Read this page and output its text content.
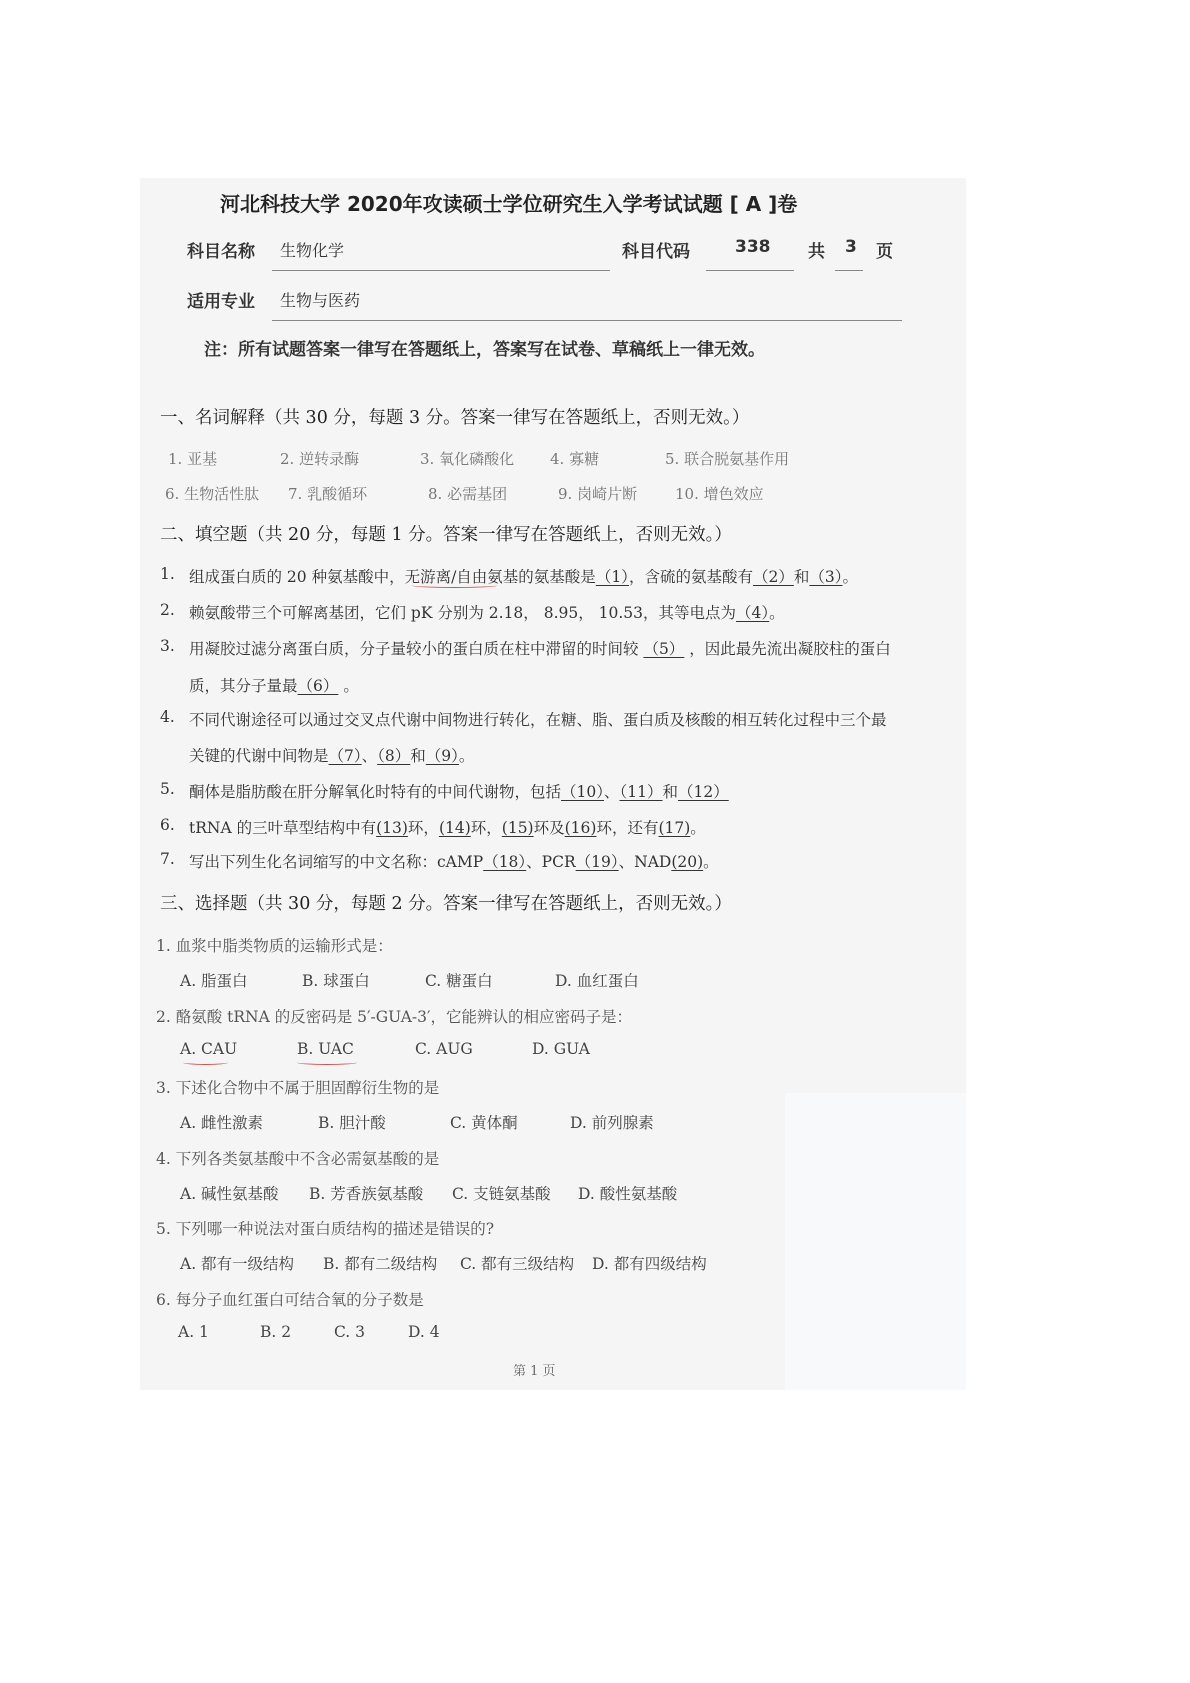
河北科技大学 2020年攻读硕士学位研究生入学考试试题 [ A ]卷
科目名称 生物化学	科目代码	338 共 3 页
适用专业 生物与医药
注：所有试题答案一律写在答题纸上，答案写在试卷、草稿纸上一律无效。
一、名词解释（共 30 分，每题 3 分。答案一律写在答题纸上，否则无效。）
二、填空题（共 20 分，每题 1 分。答案一律写在答题纸上，否则无效。）
三、选择题（共 30 分，每题 2 分。答案一律写在答题纸上，否则无效。）
第 1 页
1. 亚基	2. 逆转录酶	3. 氧化磷酸化 4. 寡糖	5. 联合脱氨基作用
6. 生物活性肽 7. 乳酸循环	8. 必需基团	9. 岗崎片断	10. 增色效应
1. 组成蛋白质的 20 种氨基酸中，无游离/自由氨基的氨基酸是（1），含硫的氨基酸有（2）和（3）。
2. 赖氨酸带三个可解离基团，它们 pK 分别为 2.18， 8.95， 10.53，其等电点为（4）。
3. 用凝胶过滤分离蛋白质，分子量较小的蛋白质在柱中滞留的时间较 （5） ，因此最先流出凝胶柱的蛋白
质，其分子量最（6） 。
4. 不同代谢途径可以通过交叉点代谢中间物进行转化，在糖、脂、蛋白质及核酸的相互转化过程中三个最
关键的代谢中间物是（7）、（8）和（9）。
5. 酮体是脂肪酸在肝分解氧化时特有的中间代谢物，包括（10）、（11）和（12）
6. tRNA 的三叶草型结构中有(13)环，(14)环，(15)环及(16)环，还有(17)。
7. 写出下列生化名词缩写的中文名称：cAMP（18）、PCR（19）、NAD(20)。
1. 血浆中脂类物质的运输形式是：
A. 脂蛋白	B. 球蛋白	C. 糖蛋白	D. 血红蛋白
2. 酪氨酸 tRNA 的反密码是 5′-GUA-3′，它能辨认的相应密码子是：
A. CAU	B. UAC	C. AUG	D. GUA
3. 下述化合物中不属于胆固醇衍生物的是
A. 雌性激素	B. 胆汁酸	C. 黄体酮	D. 前列腺素
4. 下列各类氨基酸中不含必需氨基酸的是
A. 碱性氨基酸 B. 芳香族氨基酸 C. 支链氨基酸 D. 酸性氨基酸
5. 下列哪一种说法对蛋白质结构的描述是错误的?
A. 都有一级结构 B. 都有二级结构 C. 都有三级结构 D. 都有四级结构
6. 每分子血红蛋白可结合氧的分子数是
A. 1	B. 2	C. 3	D. 4
